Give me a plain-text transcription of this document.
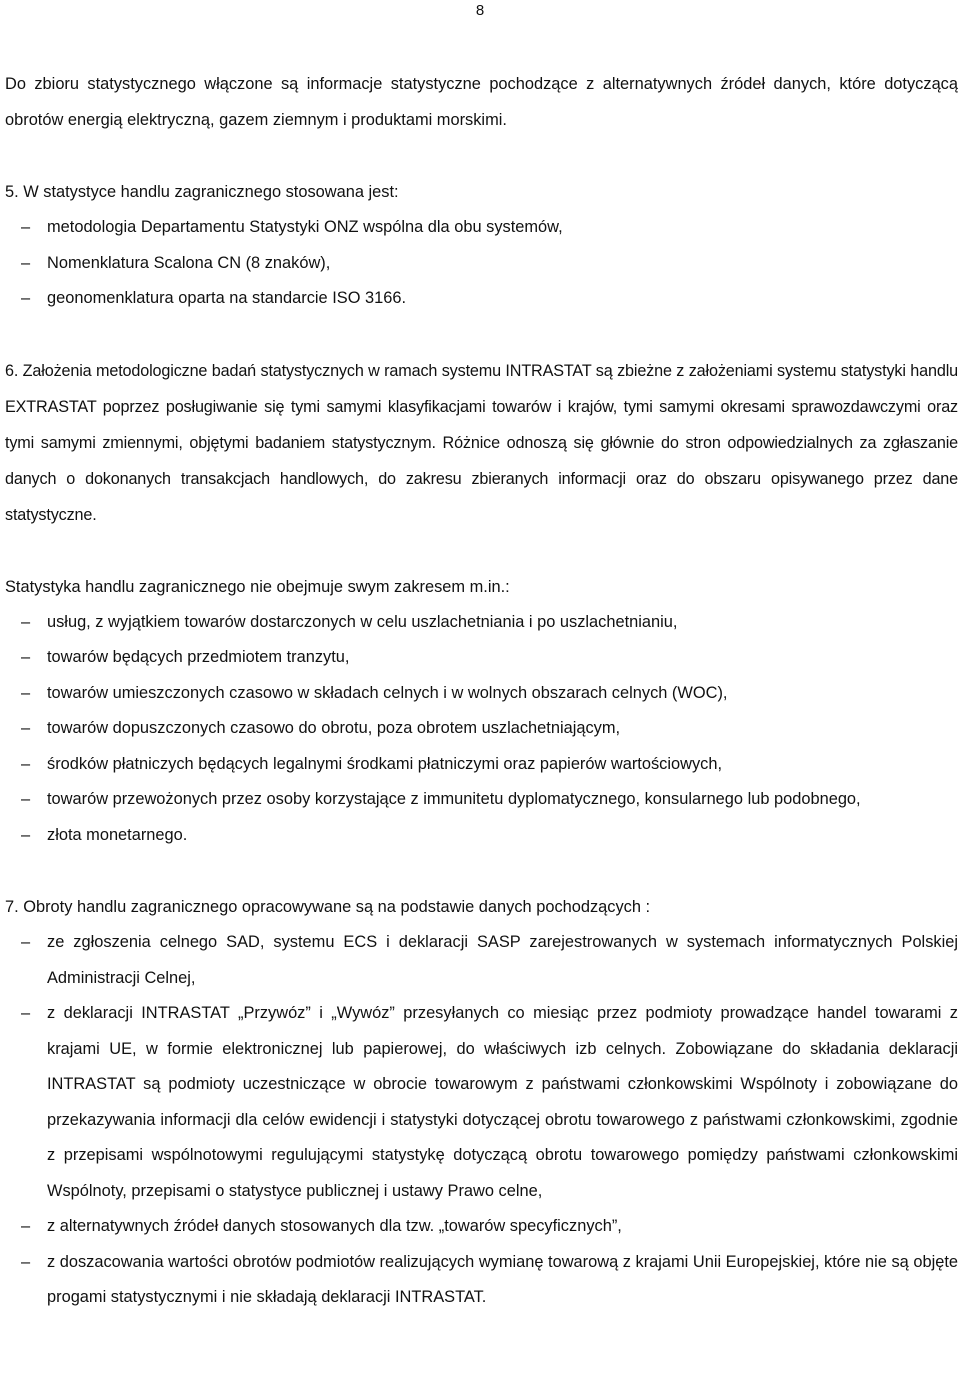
8

Do zbioru statystycznego włączone są informacje statystyczne pochodzące z alternatywnych źródeł danych, które dotyczącą obrotów energią elektryczną, gazem ziemnym i produktami morskimi.

5. W statystyce handlu zagranicznego stosowana jest:

– metodologia Departamentu Statystyki ONZ wspólna dla obu systemów,
– Nomenklatura Scalona CN (8 znaków),
– geonomenklatura oparta na standarcie ISO 3166.

6. Założenia metodologiczne badań statystycznych w ramach systemu INTRASTAT są zbieżne z założeniami systemu statystyki handlu EXTRASTAT poprzez posługiwanie się tymi samymi klasyfikacjami towarów i krajów, tymi samymi okresami sprawozdawczymi oraz tymi samymi zmiennymi, objętymi badaniem statystycznym. Różnice odnoszą się głównie do stron odpowiedzialnych za zgłaszanie danych o dokonanych transakcjach handlowych, do zakresu zbieranych informacji oraz do obszaru opisywanego przez dane statystyczne.

Statystyka handlu zagranicznego nie obejmuje swym zakresem m.in.:

– usług, z wyjątkiem towarów dostarczonych w celu uszlachetniania i po uszlachetnianiu,
– towarów będących przedmiotem tranzytu,
– towarów umieszczonych czasowo w składach celnych i w wolnych obszarach celnych (WOC),
– towarów dopuszczonych czasowo do obrotu, poza obrotem uszlachetniającym,
– środków płatniczych będących legalnymi środkami płatniczymi oraz papierów wartościowych,
– towarów przewożonych przez osoby korzystające z immunitetu dyplomatycznego, konsularnego lub podobnego,
– złota monetarnego.

7. Obroty handlu zagranicznego opracowywane są na podstawie danych pochodzących :

– ze zgłoszenia celnego SAD, systemu ECS i deklaracji SASP zarejestrowanych w systemach informatycznych Polskiej Administracji Celnej,
– z deklaracji INTRASTAT „Przywóz” i „Wywóz” przesyłanych co miesiąc przez podmioty prowadzące handel towarami z krajami UE, w formie elektronicznej lub papierowej, do właściwych izb celnych. Zobowiązane do składania deklaracji INTRASTAT są podmioty uczestniczące w obrocie towarowym z państwami członkowskimi Wspólnoty i zobowiązane do przekazywania informacji dla celów ewidencji i statystyki dotyczącej obrotu towarowego z państwami członkowskimi, zgodnie z przepisami wspólnotowymi regulującymi statystykę dotyczącą obrotu towarowego pomiędzy państwami członkowskimi Wspólnoty, przepisami o statystyce publicznej i ustawy Prawo celne,
– z alternatywnych źródeł danych stosowanych dla tzw. „towarów specyficznych”,
– z doszacowania wartości obrotów podmiotów realizujących wymianę towarową z krajami Unii Europejskiej, które nie są objęte progami statystycznymi i nie składają deklaracji INTRASTAT.
